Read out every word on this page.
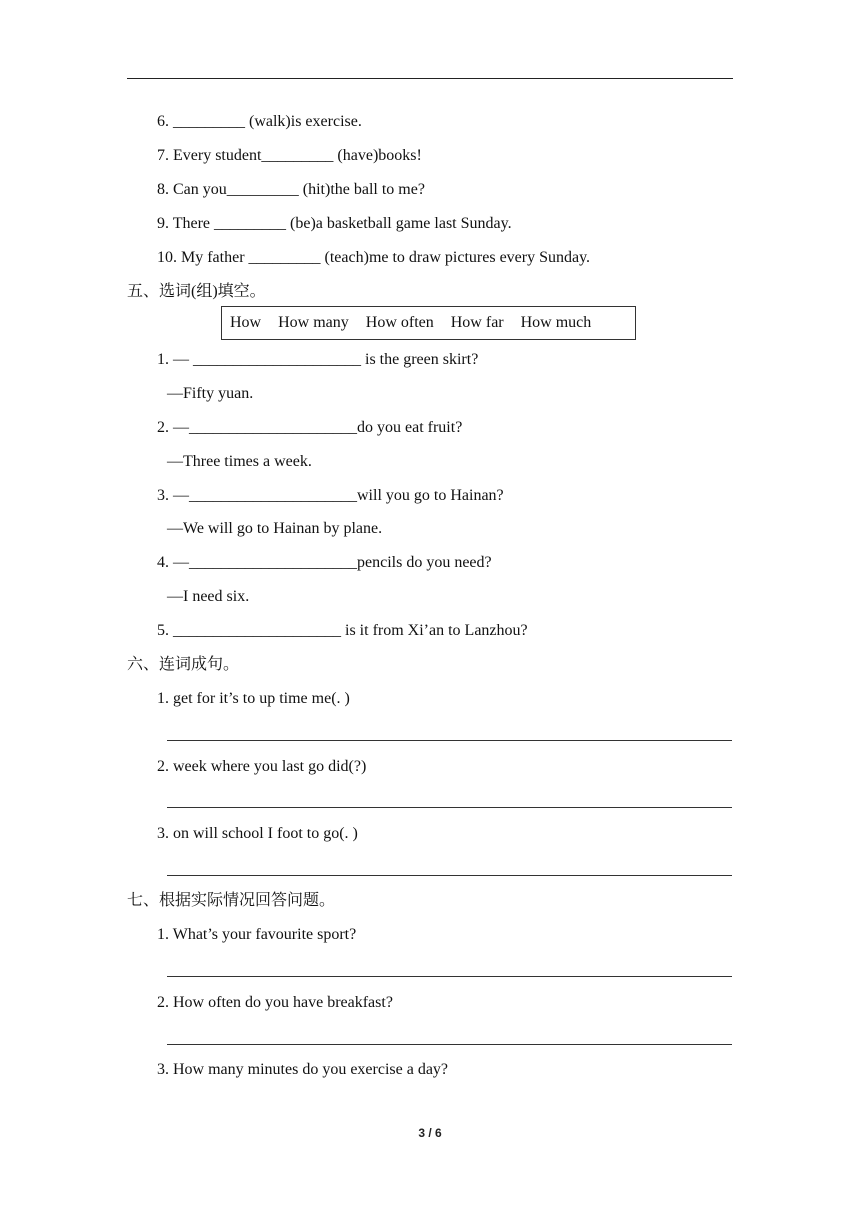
6. _________ (walk)is exercise.
7. Every student_________ (have)books!
8. Can you_________ (hit)the ball to me?
9. There _________ (be)a basketball game last Sunday.
10. My father _________ (teach)me to draw pictures every Sunday.
五、选词(组)填空。
How How many How often How far How much
1. — _____________________ is the green skirt?
—Fifty yuan.
2. —_____________________do you eat fruit?
—Three times a week.
3. —_____________________will you go to Hainan?
—We will go to Hainan by plane.
4. —_____________________pencils do you need?
—I need six.
5. _____________________ is it from Xi’an to Lanzhou?
六、连词成句。
1. get for it’s to up time me(. )
2. week where you last go did(?)
3. on will school I foot to go(. )
七、根据实际情况回答问题。
1. What’s your favourite sport?
2. How often do you have breakfast?
3. How many minutes do you exercise a day?
3 / 6
